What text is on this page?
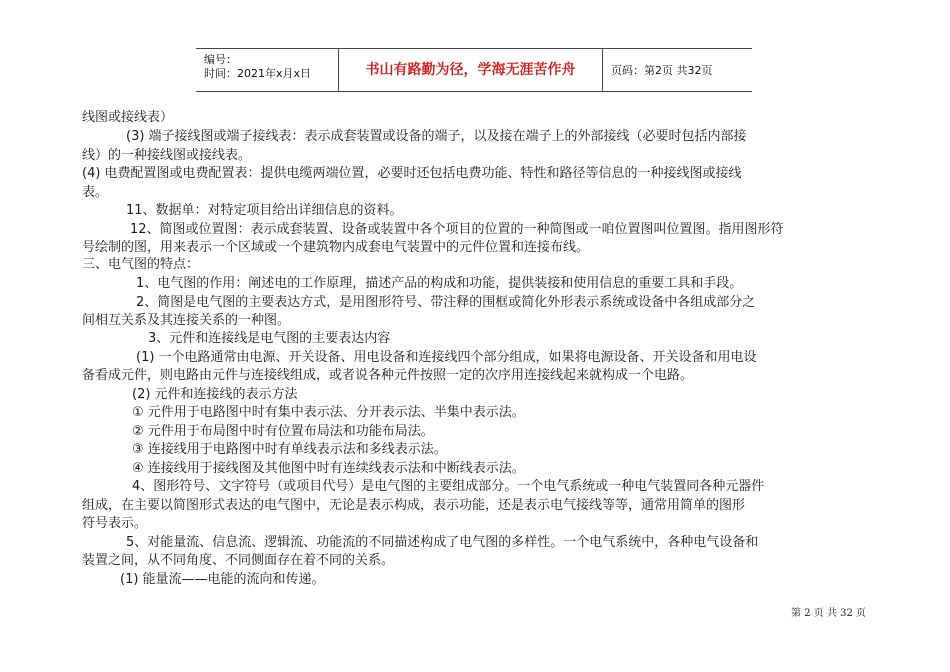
编号：
时间：2021年x月x日	书山有路勤为径，学海无涯苦作舟	页码：第2页 共32页
线图或接线表）
(3) 端子接线图或端子接线表：表示成套装置或设备的端子，以及接在端子上的外部接线（必要时包括内部接
线）的一种接线图或接线表。
(4) 电费配置图或电费配置表：提供电缆两端位置，必要时还包括电费功能、特性和路径等信息的一种接线图或接线
表。
11、数据单：对特定项目给出详细信息的资料。
12、简图或位置图：表示成套装置、设备或装置中各个项目的位置的一种简图或一咱位置图叫位置图。指用图形符
号绘制的图，用来表示一个区域或一个建筑物内成套电气装置中的元件位置和连接布线。
三、电气图的特点：
1、电气图的作用：阐述电的工作原理，描述产品的构成和功能，提供装接和使用信息的重要工具和手段。
2、简图是电气图的主要表达方式，是用图形符号、带注释的围框或简化外形表示系统或设备中各组成部分之
间相互关系及其连接关系的一种图。
3、元件和连接线是电气图的主要表达内容
(1) 一个电路通常由电源、开关设备、用电设备和连接线四个部分组成，如果将电源设备、开关设备和用电设
备看成元件，则电路由元件与连接线组成，或者说各种元件按照一定的次序用连接线起来就构成一个电路。
(2) 元件和连接线的表示方法
① 元件用于电路图中时有集中表示法、分开表示法、半集中表示法。
② 元件用于布局图中时有位置布局法和功能布局法。
③ 连接线用于电路图中时有单线表示法和多线表示法。
④ 连接线用于接线图及其他图中时有连续线表示法和中断线表示法。
4、图形符号、文字符号（或项目代号）是电气图的主要组成部分。一个电气系统或一种电气装置同各种元器件
组成，在主要以简图形式表达的电气图中，无论是表示构成，表示功能，还是表示电气接线等等，通常用简单的图形
符号表示。
5、对能量流、信息流、逻辑流、功能流的不同描述构成了电气图的多样性。一个电气系统中，各种电气设备和
装置之间，从不同角度、不同侧面存在着不同的关系。
(1) 能量流——电能的流向和传递。
第 2 页 共 32 页
